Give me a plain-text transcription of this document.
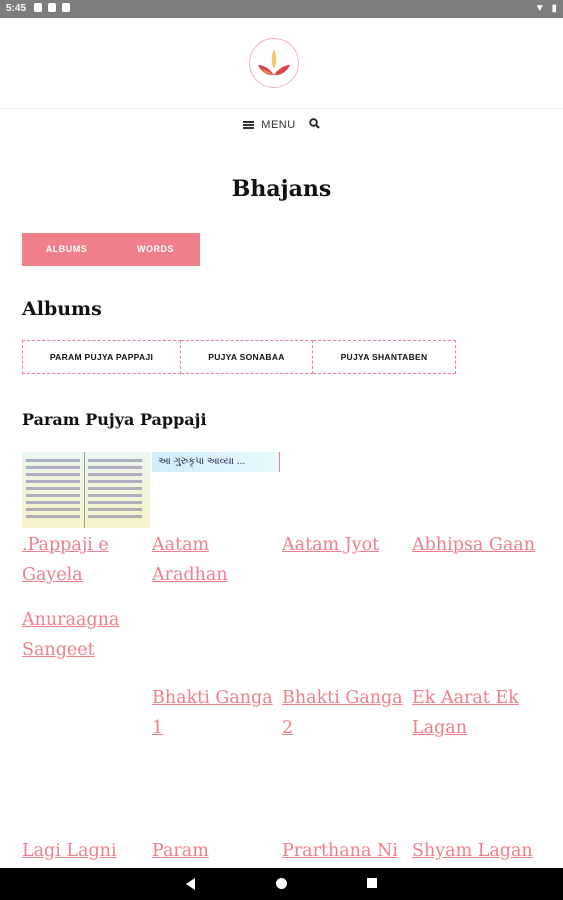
5:45
	▼ ▮
MENU
Bhajans
ALBUMS	WORDS
Albums
PARAM PUJYA PAPPAJI	PUJYA SONABAA	PUJYA SHANTABEN
Param Pujya Pappaji
આ ગુરુકૃપા આવ્યા ...
.Pappaji e Gayela
Aatam Aradhan
Aatam Jyot	Abhipsa Gaan
Anuraagna Sangeet
Bhakti Ganga 1
Bhakti Ganga 2
Ek Aarat Ek Lagan
Lagi Lagni	Param	Prarthana Ni Shyam Lagan
